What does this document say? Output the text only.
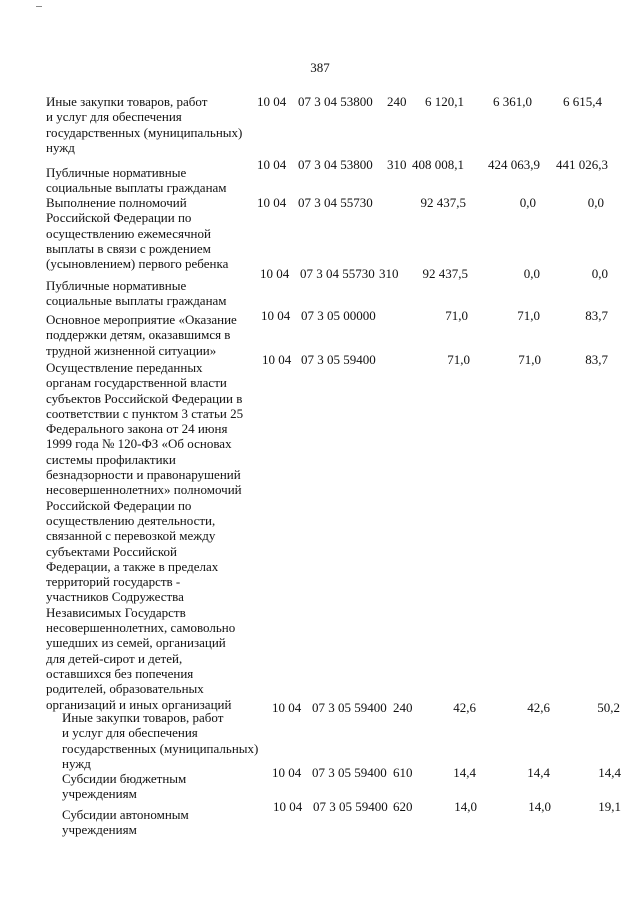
387
Иные закупки товаров, работ
и услуг для обеспечения
государственных (муниципальных)
нужд
10 04 07 3 04 53800 240	6 120,1	6 361,0	6 615,4
Публичные нормативные
социальные выплаты гражданам
10 04 07 3 04 53800 310 408 008,1	424 063,9	441 026,3
Выполнение полномочий
Российской Федерации по
осуществлению ежемесячной
выплаты в связи с рождением
(усыновлением) первого ребенка
10 04 07 3 04 55730	92 437,5	0,0	0,0
Публичные нормативные
социальные выплаты гражданам
10 04 07 3 04 55730 310	92 437,5	0,0	0,0
Основное мероприятие «Оказание
поддержки детям, оказавшимся в
трудной жизненной ситуации»
10 04 07 3 05 00000	71,0	71,0	83,7
Осуществление переданных
органам государственной власти
субъектов Российской Федерации в
соответствии с пунктом 3 статьи 25
Федерального закона от 24 июня
1999 года № 120-ФЗ «Об основах
системы профилактики
безнадзорности и правонарушений
несовершеннолетних» полномочий
Российской Федерации по
осуществлению деятельности,
связанной с перевозкой между
субъектами Российской
Федерации, а также в пределах
территорий государств -
участников Содружества
Независимых Государств
несовершеннолетних, самовольно
ушедших из семей, организаций
для детей-сирот и детей,
оставшихся без попечения
родителей, образовательных
организаций и иных организаций
10 04 07 3 05 59400	71,0	71,0	83,7
Иные закупки товаров, работ
и услуг для обеспечения
государственных (муниципальных)
нужд
10 04 07 3 05 59400 240	42,6	42,6	50,2
Субсидии бюджетным
учреждениям
10 04 07 3 05 59400 610	14,4	14,4	14,4
Субсидии автономным
учреждениям
10 04 07 3 05 59400 620	14,0	14,0	19,1
